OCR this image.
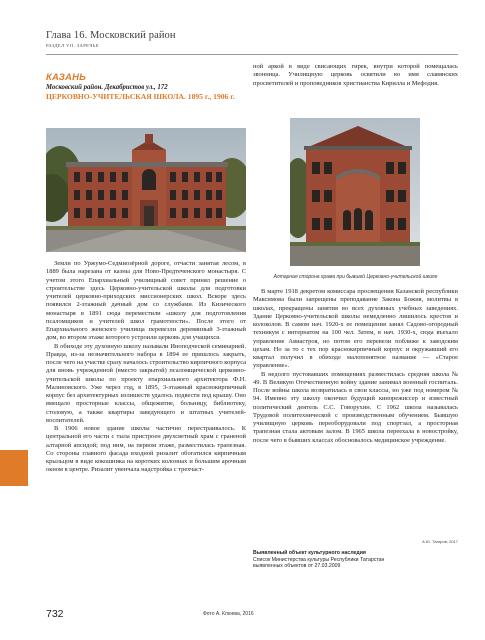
Глава 16. Московский район
РАЗДЕЛ VII. ЗАРЕЧЬЕ
КАЗАНЬ
Московский район. Декабристов ул., 172
ЦЕРКОВНО-УЧИТЕЛЬСКАЯ ШКОЛА. 1895 г., 1906 г.

ной аркой в виде свисающих гирек, внутри которой помещалась звонница. Училищную церковь освятили во имя славянских просветителей и проповедников христианства Кирилла и Мефодия.

Алтарная сторона храма при бывшей Церковно-учительской школе

Земли по Уржумо-Седмиозёрной дороге, отчасти занятая лесом, в 1889 была нарезана от казны для Ново-Предтеченского монастыря. С учетом этого Епархиальный училищный совет принял решение о строительстве здесь Церковно-учительской школы для подготовки учителей церковно-приходских миссионерских школ. Вскоре здесь появился 2-этажный дачный дом со службами. Из Кизического монастыря в 1891 сюда переместили «школу для подготовления псаломщиков и учителей школ грамотности». После этого от Епархиального женского училища перевезли деревянный 3-этажный дом, во втором этаже которого устроили церковь для учащихся.

В обиходе эту духовную школу называли Иноподческой семинарией. Правда, из-за незначительного набора в 1894 ее пришлось закрыть, после чего на участке сразу началось строительство кирпичного корпуса для вновь учрежденной (вместо закрытой) псаломщической церковно-учительской школы по проекту епархиального архитектора Ф.Н. Малиновского. Уже через год, в 1895, 3-этажный краснокирпичный корпус без архитектурных излишеств удалось подвести под крышу. Оно вмещало просторные классы, общежитие, больницу, библиотеку, столовую, а также квартиры заведующего и штатных учителей-воспитателей.

В 1906 новое здание школы частично перестраивалось. К центральной его части с тыла пристроен двухсветный храм с граненой алтарной апсидой; под ним, на первом этаже, разместилась трапезная. Со стороны главного фасада входной ризалит обогатился кирпичным крыльцом в виде кокошника на коротких колоннах и большим арочным окном в центре. Ризалит увенчала надстройка с трехчаст-

В марте 1918 декретом комиссара просвещения Казанской республики Максимова были запрещены преподавание Закона Божия, молитвы в школах, прекращены занятия во всех духовных учебных заведениях. Здание Церковно-учительской школы немедленно лишилось крестов и колоколов. В самом нач. 1920-х ее помещения занял Садово-огородный техникум с интернатом на 100 чел. Затем, в нач. 1930-х, сюда въехало управление Авиастроя, но потом его перевели поближе к заводским цехам. Но за то с тех пор краснокирпичный корпус и окружавший его квартал получил в обиходе малопонятное название — «Старое управление».

В недолго пустовавших помещениях разместилась средняя школа № 49. В Великую Отечественную войну здание занимал военный госпиталь. После войны школа возвратилась в свои классы, но уже под номером № 94. Именно эту школу окончил будущий кинорежиссер и известный политический деятель С.С. Говорухин. С 1962 школа называлась Трудовой политехнической с производственным обучением. Бывшую училищную церковь переоборудовали под спортзал, а просторная трапезная стала актовым залом. В 1965 школа переехала в новостройку, после чего в бывших классах обосновалось медицинское учреждение.

А.Ю. Тагиров, 2017
Выявленный объект культурного наследия
Список Министерства культуры Республики Татарстан
выявленных объектов от 27.03.2009
732	Фото А. Клюева, 2016
